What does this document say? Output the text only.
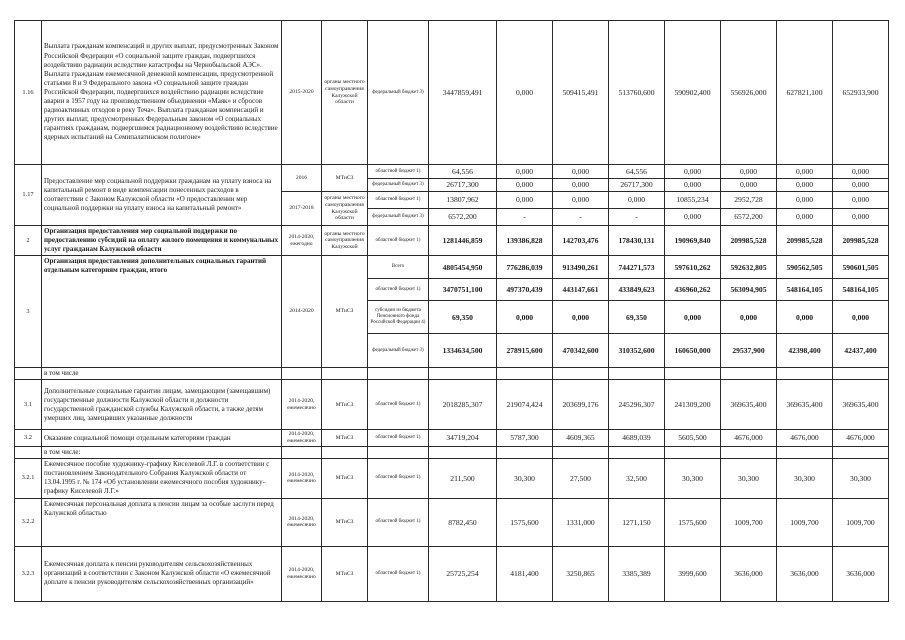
1.16	Выплата гражданам компенсаций и других выплат, предусмотренных Законом Российской Федерации «О социальной защите граждан, подвергшихся воздействию радиации вследствие катастрофы на Чернобыльской АЭС». Выплата гражданам ежемесячной денежной компенсации, предусмотренной статьями 8 и 9 Федерального закона «О социальной защите граждан Российской Федерации, подвергшихся воздействию радиации вследствие аварии в 1957 году на производственном объединении «Маяк» и сбросов радиоактивных отходов в реку Теча». Выплата гражданам компенсаций и других выплат, предусмотренных Федеральным законом «О социальных гарантиях гражданам, подвергшимся радиационному воздействию вследствие ядерных испытаний на Семипалатинском полигоне»	2015-2020	органы местного самоуправления Калужской области	федеральный бюджет 3)	3447859,491	0,000	509415,491	513760,600	590902,400	556926,000	627821,100	652933,900
1.17	Предоставление мер социальной поддержки гражданам на уплату взноса на капитальный ремонт в виде компенсации понесенных расходов в соответствии с Законом Калужской области «О предоставлении мер социальной поддержки на уплату взноса на капитальный ремонт»	2016	МТиСЗ	областной бюджет 1)	64,556	0,000	0,000	64,556	0,000	0,000	0,000	0,000
				федеральный бюджет 3)	26717,300	0,000	0,000	26717,300	0,000	0,000	0,000	0,000
		2017-2018	органы местного самоуправления Калужской области	областной бюджет 1)	13807,962	0,000	0,000	0,000	10855,234	2952,728	0,000	0,000
				федеральный бюджет 3)	6572,200	-	-	-	0,000	6572,200	0,000	0,000
2	Организация предоставления мер социальной поддержки по предоставлению субсидий на оплату жилого помещения и коммунальных услуг гражданам Калужской области	2014-2020, ежегодно	органы местного самоуправления Калужской	областной бюджет 1)	1281446,859	139386,828	142703,476	178430,131	190969,840	209985,528	209985,528	209985,528
3	Организация предоставления дополнительных социальных гарантий отдельным категориям граждан, итого	2014-2020	МТиСЗ	Всего	4805454,950	776286,039	913490,261	744271,573	597610,262	592632,805	590562,505	590601,505
				областной бюджет 1)	3470751,100	497370,439	443147,661	433849,623	436960,262	563094,905	548164,105	548164,105
				субсидии из бюджета Пенсионного фонда Российской Федерации 4)	69,350	0,000	0,000	69,350	0,000	0,000	0,000	0,000
				федеральный бюджет 3)	1334634,500	278915,600	470342,600	310352,600	160650,000	29537,900	42398,400	42437,400
	в том числе											
3.1	Дополнительные социальные гарантии лицам, замещающим (замещавшим) государственные должности Калужской области и должности государственной гражданской службы Калужской области, а также детям умерших лиц, замещавших указанные должности	2014-2020, ежемесячно	МТиСЗ	областной бюджет 1)	2018285,307	219074,424	203699,176	245296,307	241309,200	369635,400	369635,400	369635,400
3.2	Оказание социальной помощи отдельным категориям граждан	2014-2020, ежемесячно	МТиСЗ	областной бюджет 1)	34719,204	5787,300	4609,365	4689,039	5605,500	4676,000	4676,000	4676,000
	в том числе:											
3.2.1	Ежемесячное пособие художнику-графику Киселевой Л.Г. в соответствии с постановлением Законодательного Собрания Калужской области от 13.04.1995 г. № 174 «Об установлении ежемесячного пособия художнику-графику Киселевой Л.Г.»	2014-2020, ежемесячно	МТиСЗ	областной бюджет 1)	211,500	30,300	27,500	32,500	30,300	30,300	30,300	30,300
3.2.2	Ежемесячная персональная доплата к пенсии лицам за особые заслуги перед Калужской областью	2014-2020, ежемесячно	МТиСЗ	областной бюджет 1)	8782,450	1575,600	1331,000	1271,150	1575,600	1009,700	1009,700	1009,700
3.2.3	Ежемесячная доплата к пенсии руководителям сельскохозяйственных организаций в соответствии с Законом Калужской области «О ежемесячной доплате к пенсии руководителям сельскохозяйственных организаций»	2014-2020, ежемесячно	МТиСЗ	областной бюджет 1)	25725,254	4181,400	3250,865	3385,389	3999,600	3636,000	3636,000	3636,000
